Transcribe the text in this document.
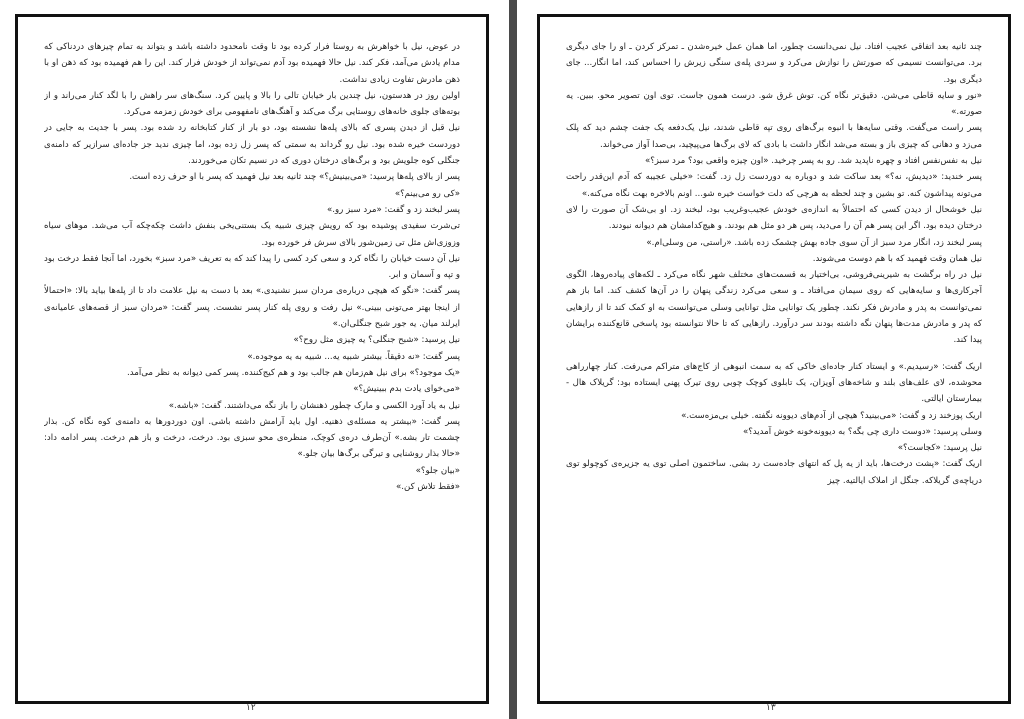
در عوض، نیل با خواهرش به روستا فرار کرده بود تا وقت نامحدود داشته باشد و بتواند به تمام چیزهای دردناکی که مدام یادش می‌آمد، فکر کند. نیل حالا فهمیده بود آدم نمی‌تواند از خودش فرار کند. این را هم فهمیده بود که ذهن او با ذهن مادرش تفاوت زیادی نداشت.

اولین روز در هدستون، نیل چندین بار خیابان تالی را بالا و پایین کرد. سنگ‌های سر راهش را با لگد کنار می‌راند و از بوته‌های جلوی خانه‌های روستایی برگ می‌کند و آهنگ‌های نامفهومی برای خودش زمزمه می‌کرد.

نیل قبل از دیدن پسری که بالای پله‌ها نشسته بود، دو بار از کنار کتابخانه رد شده بود. پسر با جدیت به جایی در دوردست خیره شده بود. نیل رو گرداند به سمتی که پسر زل زده بود، اما چیزی ندید جز جاده‌ای سرازیر که دامنه‌ی جنگلی کوه جلویش بود و برگ‌های درختان دوری که در نسیم تکان می‌خوردند.

پسر از بالای پله‌ها پرسید: «می‌بینیش؟» چند ثانیه بعد نیل فهمید که پسر با او حرف زده است.

«کی رو می‌بینم؟»

پسر لبخند زد و گفت: «مرد سبز رو.»

تی‌شرت سفیدی پوشیده بود که رویش چیزی شبیه یک بستنی‌یخی بنفش داشت چکه‌چکه آب می‌شد. موهای سیاه وزوزی‌اش مثل تی زمین‌شور بالای سرش فر خورده بود.

نیل آن دست خیابان را نگاه کرد و سعی کرد کسی را پیدا کند که به تعریف «مرد سبز» بخورد، اما آنجا فقط درخت بود و تپه و آسمان و ابر.

پسر گفت: «نگو که هیچی درباره‌ی مردان سبز نشنیدی.» بعد با دست به نیل علامت داد تا از پله‌ها بیاید بالا: «احتمالاً از اینجا بهتر می‌تونی ببینی.» نیل رفت و روی پله کنار پسر نشست. پسر گفت: «مردان سبز از قصه‌های عامیانه‌ی ایرلند میان. یه جور شبح جنگلی‌ان.»

نیل پرسید: «شبح جنگلی؟ یه چیزی مثل روح؟»

پسر گفت: «نه دقیقاً. بیشتر شبیه یه... شبیه به یه موجوده.»

«یک موجود؟» برای نیل هم‌زمان هم جالب بود و هم کیج‌کننده. پسر کمی دیوانه به نظر می‌آمد.

«می‌خوای یادت بدم ببینیش؟»

نیل به یاد آورد الکسی و مارک چطور ذهنشان را باز نگه می‌داشتند. گفت: «باشه.»

پسر گفت: «بیشتر یه مسئله‌ی ذهنیه. اول باید آرامش داشته باشی. اون دوردورها به دامنه‌ی کوه نگاه کن. بذار چشمت تار بشه.» آن‌طرف دره‌ی کوچک، منظره‌ی محو سبزی بود. درخت، درخت و باز هم درخت. پسر ادامه داد: «حالا بذار روشنایی و تیرگی برگ‌ها بیان جلو.»

«بیان جلو؟»

«فقط تلاش کن.»

چند ثانیه بعد اتفاقی عجیب افتاد. نیل نمی‌دانست چطور، اما همان عمل خیره‌شدن ـ تمرکز کردن ـ او را جای دیگری برد. می‌توانست نسیمی که صورتش را نوازش می‌کرد و سردی پله‌ی سنگی زیرش را احساس کند، اما انگار... جای دیگری بود.

«نور و سایه قاطی می‌شن. دقیق‌تر نگاه کن. توش غرق شو. درست همون جاست. توی اون تصویر محو. ببین. یه صورته.»

پسر راست می‌گفت. وقتی سایه‌ها با انبوه برگ‌های روی تپه قاطی شدند، نیل یک‌دفعه یک جفت چشم دید که پلک می‌زد و دهانی که چیزی باز و بسته می‌شد انگار داشت با بادی که لای برگ‌ها می‌پیچید، بی‌صدا آواز می‌خواند.

نیل به نفس‌نفس افتاد و چهره ناپدید شد. رو به پسر چرخید. «اون چیزه واقعی بود؟ مرد سبز؟»

پسر خندید: «دیدیش، نه؟» بعد ساکت شد و دوباره به دوردست زل زد. گفت: «خیلی عجیبه که آدم این‌قدر راحت می‌تونه پیداشون کنه. تو بشین و چند لحظه به هرچی که دلت خواست خیره شو... اونم بالاخره بهت نگاه می‌کنه.»

نیل خوشحال از دیدن کسی که احتمالاً به اندازه‌ی خودش عجیب‌وغریب بود، لبخند زد. او بی‌شک آن صورت را لای درختان دیده بود. اگر این پسر هم آن را می‌دید، پس هر دو مثل هم بودند. و هیچ‌کدامشان هم دیوانه نبودند.

پسر لبخند زد، انگار مرد سبز از آن سوی جاده بهش چشمک زده باشد. «راستی، من وسلی‌ام.»

نیل همان وقت فهمید که با هم دوست می‌شوند.

نیل در راه برگشت به شیرینی‌فروشی، بی‌اختیار به قسمت‌های مختلف شهر نگاه می‌کرد ـ لکه‌های پیاده‌روها، الگوی آجرکاری‌ها و سایه‌هایی که روی سیمان می‌افتاد ـ و سعی می‌کرد زندگی پنهان را در آن‌ها کشف کند. اما باز هم نمی‌توانست به پدر و مادرش فکر نکند. چطور یک توانایی مثل توانایی وسلی می‌توانست به او کمک کند تا از رازهایی که پدر و مادرش مدت‌ها پنهان نگه داشته بودند سر درآورد. رازهایی که تا حالا نتوانسته بود پاسخی قانع‌کننده برایشان پیدا کند.

اریک گفت: «رسیدیم.» و ایستاد کنار جاده‌ای خاکی که به سمت انبوهی از کاج‌های متراکم می‌رفت. کنار چهارراهی محوشده، لای علف‌های بلند و شاخه‌های آویزان، یک تابلوی کوچک چوبی روی تیرک پهنی ایستاده بود: گریلاک هال - بیمارستان ایالتی.

اریک پوزخند زد و گفت: «می‌بینید؟ هیچی از آدم‌های دیوونه نگفته. خیلی بی‌مزه‌ست.»

وسلی پرسید: «دوست داری چی بگه؟ به دیوونه‌خونه خوش آمدید؟»

نیل پرسید: «کجاست؟»

اریک گفت: «پشت درخت‌ها، باید از یه پل که انتهای جاده‌ست رد بشی. ساختمون اصلی توی یه جزیره‌ی کوچولو توی دریاچه‌ی گریلاکه. جنگل از املاک ایالتیه. چیز

۱۲	۱۳
